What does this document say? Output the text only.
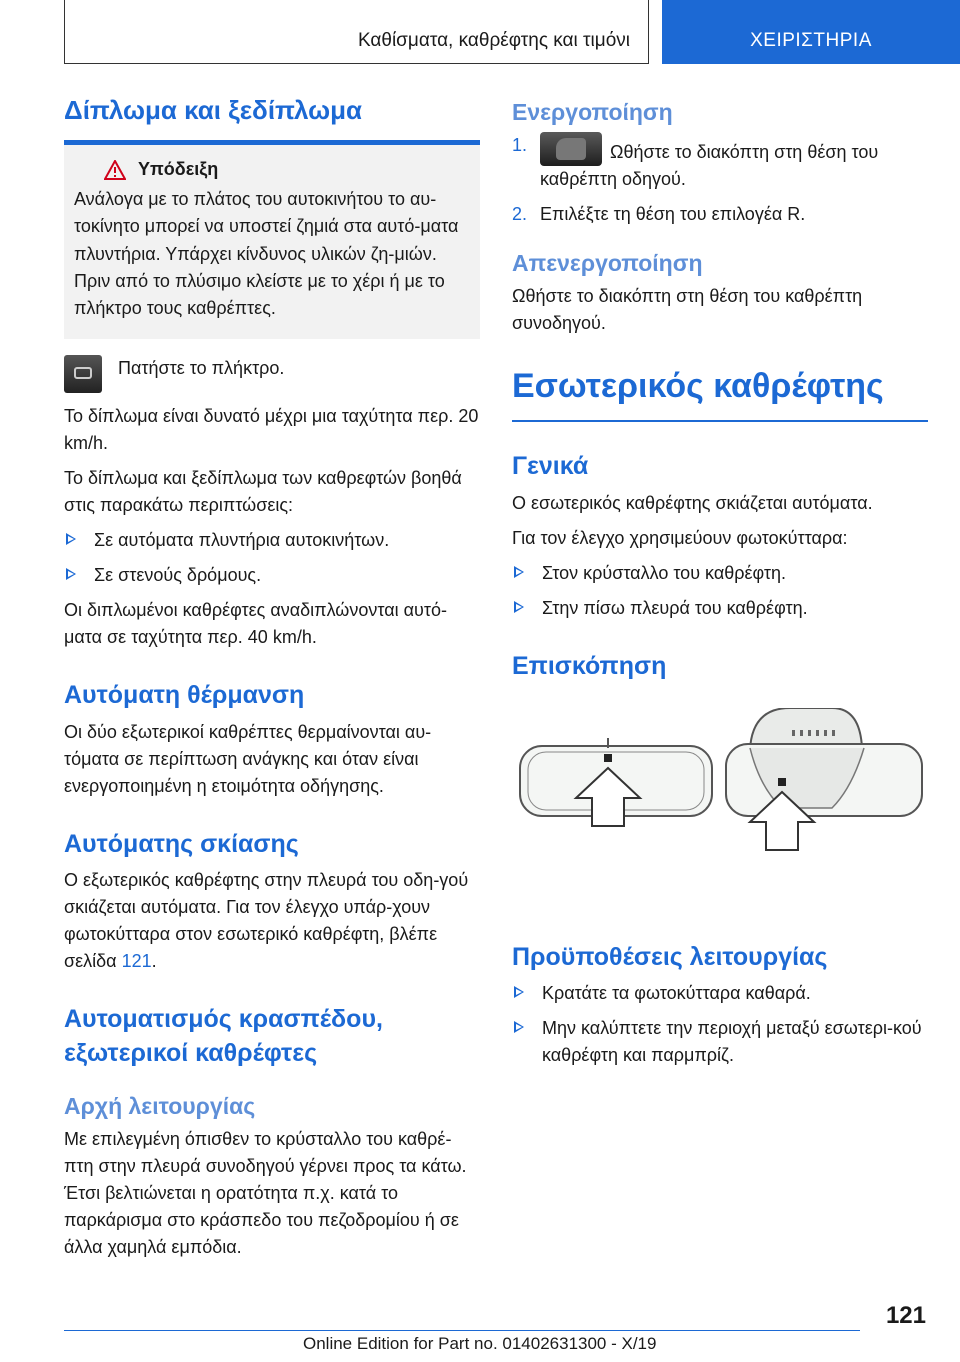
Καθίσματα, καθρέφτης και τιμόνι	ΧΕΙΡΙΣΤΗΡΙΑ
Δίπλωμα και ξεδίπλωμα
Υπόδειξη

Ανάλογα με το πλάτος του αυτοκινήτου το αυ-τοκίνητο μπορεί να υποστεί ζημιά στα αυτό-ματα πλυντήρια. Υπάρχει κίνδυνος υλικών ζη-μιών. Πριν από το πλύσιμο κλείστε με το χέρι ή με το πλήκτρο τους καθρέπτες.

Πατήστε το πλήκτρο.

Το δίπλωμα είναι δυνατό μέχρι μια ταχύτητα περ. 20 km/h.

Το δίπλωμα και ξεδίπλωμα των καθρεφτών βοηθά στις παρακάτω περιπτώσεις:

Σε αυτόματα πλυντήρια αυτοκινήτων.
Σε στενούς δρόμους.

Οι διπλωμένοι καθρέφτες αναδιπλώνονται αυτό-ματα σε ταχύτητα περ. 40 km/h.

Αυτόματη θέρμανση

Οι δύο εξωτερικοί καθρέπτες θερμαίνονται αυ-τόματα σε περίπτωση ανάγκης και όταν είναι ενεργοποιημένη η ετοιμότητα οδήγησης.

Αυτόματης σκίασης

Ο εξωτερικός καθρέφτης στην πλευρά του οδη-γού σκιάζεται αυτόματα. Για τον έλεγχο υπάρ-χουν φωτοκύτταρα στον εσωτερικό καθρέφτη, βλέπε σελίδα 121.

Αυτοματισμός κρασπέδου, εξωτερικοί καθρέφτες
Αρχή λειτουργίας

Με επιλεγμένη όπισθεν το κρύσταλλο του καθρέ-πτη στην πλευρά συνοδηγού γέρνει προς τα κάτω. Έτσι βελτιώνεται η ορατότητα π.χ. κατά το παρκάρισμα στο κράσπεδο του πεζοδρομίου ή σε άλλα χαμηλά εμπόδια.

Ενεργοποίηση
1.	Ωθήστε το διακόπτη στη θέση του καθρέπτη οδηγού.
2. Επιλέξτε τη θέση του επιλογέα R.
Απενεργοποίηση

Ωθήστε το διακόπτη στη θέση του καθρέπτη συνοδηγού.

Εσωτερικός καθρέφτης
Γενικά

Ο εσωτερικός καθρέφτης σκιάζεται αυτόματα.

Για τον έλεγχο χρησιμεύουν φωτοκύτταρα:

Στον κρύσταλλο του καθρέφτη.
Στην πίσω πλευρά του καθρέφτη.
Επισκόπηση
Προϋποθέσεις λειτουργίας
Κρατάτε τα φωτοκύτταρα καθαρά.
Μην καλύπτετε την περιοχή μεταξύ εσωτερι-κού καθρέφτη και παρμπρίζ.
121
Online Edition for Part no. 01402631300 - X/19
